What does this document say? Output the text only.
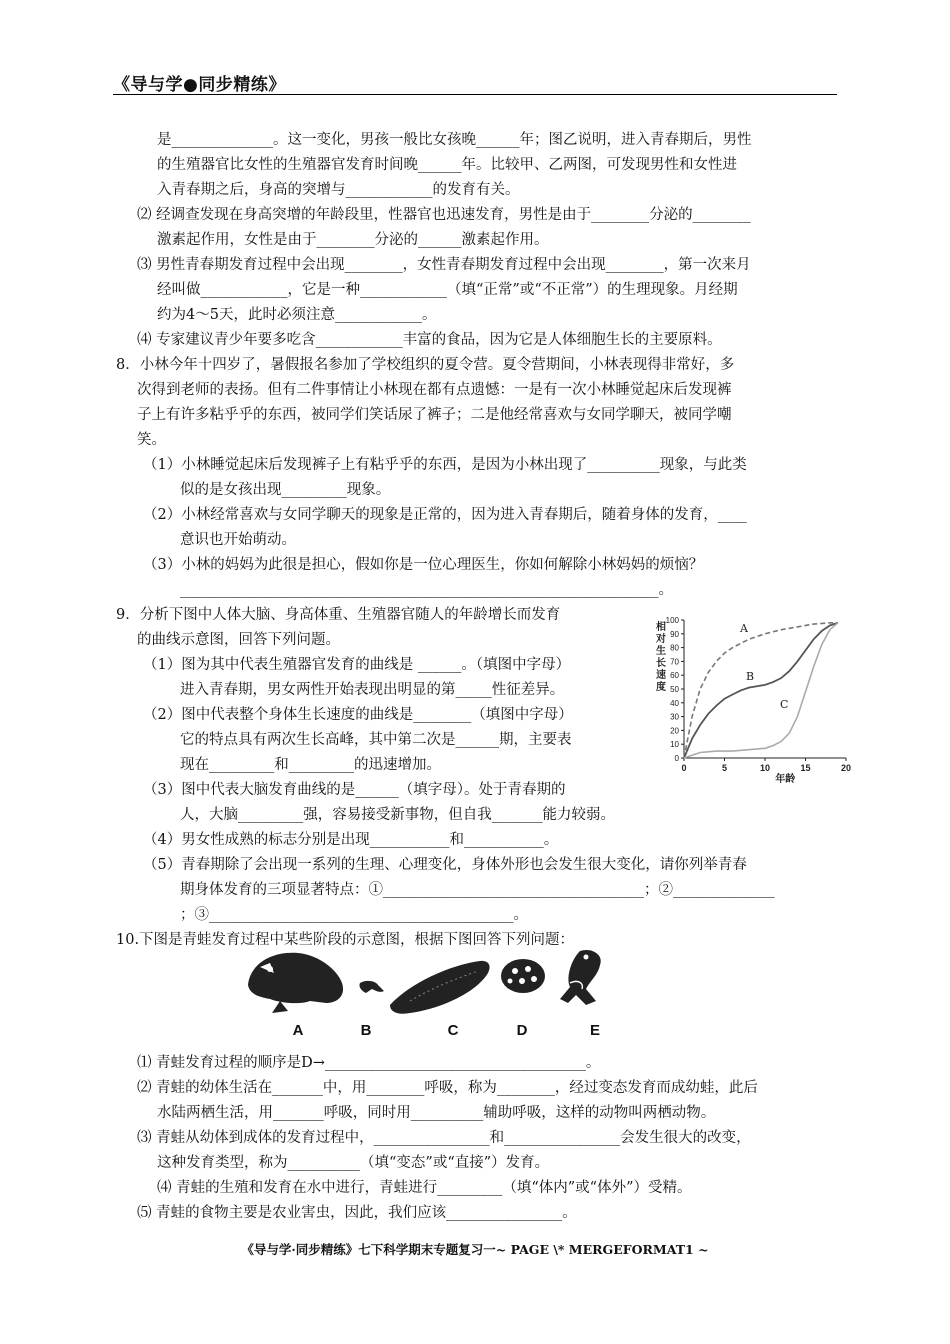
《导与学●同步精练》
是______________。这一变化，男孩一般比女孩晚______年；图乙说明，进入青春期后，男性
的生殖器官比女性的生殖器官发育时间晚______年。比较甲、乙两图，可发现男性和女性进
入青春期之后，身高的突增与____________的发育有关。
⑵ 经调查发现在身高突增的年龄段里，性器官也迅速发育，男性是由于________分泌的________
激素起作用，女性是由于________分泌的______激素起作用。
⑶ 男性青春期发育过程中会出现________，女性青春期发育过程中会出现________，第一次来月
经叫做____________，它是一种____________（填“正常”或“不正常”）的生理现象。月经期
约为4～5天，此时必须注意____________。
⑷ 专家建议青少年要多吃含____________丰富的食品，因为它是人体细胞生长的主要原料。
8．小林今年十四岁了，暑假报名参加了学校组织的夏令营。夏令营期间，小林表现得非常好，多
次得到老师的表扬。但有二件事情让小林现在都有点遗憾：一是有一次小林睡觉起床后发现裤
子上有许多粘乎乎的东西，被同学们笑话尿了裤子；二是他经常喜欢与女同学聊天，被同学嘲
笑。
（1）小林睡觉起床后发现裤子上有粘乎乎的东西，是因为小林出现了__________现象，与此类
似的是女孩出现_________现象。
（2）小林经常喜欢与女同学聊天的现象是正常的，因为进入青春期后，随着身体的发育，____
意识也开始萌动。
（3）小林的妈妈为此很是担心，假如你是一位心理医生，你如何解除小林妈妈的烦恼？
__________________________________________________________________。
9．分析下图中人体大脑、身高体重、生殖器官随人的年龄增长而发育
的曲线示意图，回答下列问题。
（1）图为其中代表生殖器官发育的曲线是 ______。（填图中字母）
进入青春期，男女两性开始表现出明显的第_____性征差异。
（2）图中代表整个身体生长速度的曲线是________（填图中字母）
它的特点具有两次生长高峰，其中第二次是______期，主要表
现在_________和_________的迅速增加。
（3）图中代表大脑发育曲线的是______（填字母）。处于青春期的
人，大脑_________强，容易接受新事物，但自我_______能力较弱。
（4）男女性成熟的标志分别是出现___________和___________。
（5）青春期除了会出现一系列的生理、心理变化，身体外形也会发生很大变化，请你列举青春
期身体发育的三项显著特点：①____________________________________；②______________
；③__________________________________________。
10.下图是青蛙发育过程中某些阶段的示意图，根据下图回答下列问题：
⑴ 青蛙发育过程的顺序是D→____________________________________。
⑵ 青蛙的幼体生活在_______中，用________呼吸，称为________，经过变态发育而成幼蛙，此后
水陆两栖生活，用_______呼吸，同时用__________辅助呼吸，这样的动物叫两栖动物。
⑶ 青蛙从幼体到成体的发育过程中，________________和________________会发生很大的改变，
这种发育类型，称为__________（填“变态”或“直接”）发育。
⑷ 青蛙的生殖和发育在水中进行，青蛙进行_________（填“体内”或“体外”）受精。
⑸ 青蛙的食物主要是农业害虫，因此，我们应该________________。
0
10
20
30
40
50
60
70
80
90
100
0	5	10	15	20
年龄
相对生长速度
A
B
C
A	B	C	D	E
《导与学·同步精练》七下科学期末专题复习一~ PAGE \* MERGEFORMAT1 ~
